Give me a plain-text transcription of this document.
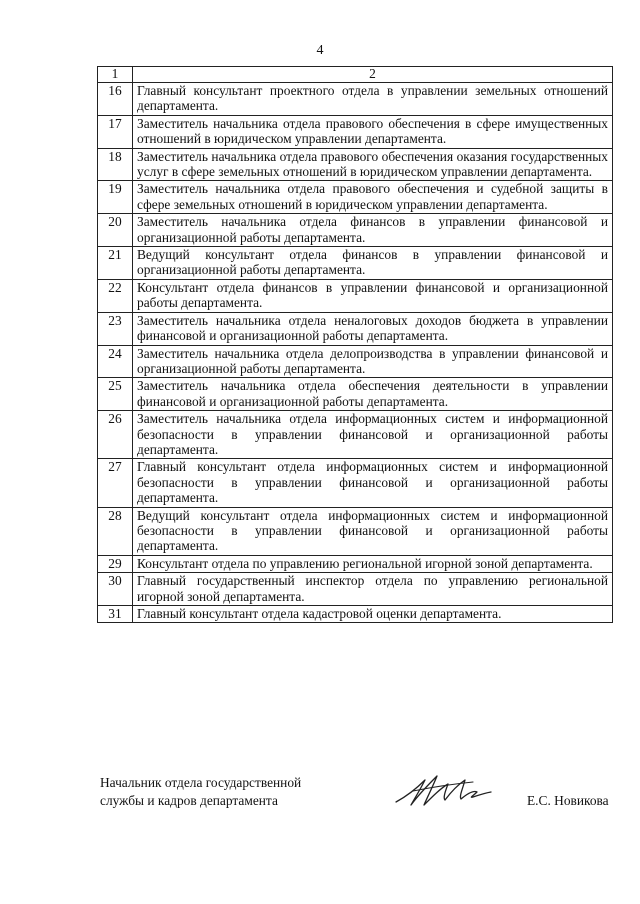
4
1	2
16	Главный консультант проектного отдела в управлении земельных отношений департамента.
17	Заместитель начальника отдела правового обеспечения в сфере имущественных отношений в юридическом управлении департамента.
18	Заместитель начальника отдела правового обеспечения оказания государственных услуг в сфере земельных отношений в юридическом управлении департамента.
19	Заместитель начальника отдела правового обеспечения и судебной защиты в сфере земельных отношений в юридическом управлении департамента.
20	Заместитель начальника отдела финансов в управлении финансовой и организационной работы департамента.
21	Ведущий консультант отдела финансов в управлении финансовой и организационной работы департамента.
22	Консультант отдела финансов в управлении финансовой и организационной работы департамента.
23	Заместитель начальника отдела неналоговых доходов бюджета в управлении финансовой и организационной работы департамента.
24	Заместитель начальника отдела делопроизводства в управлении финансовой и организационной работы департамента.
25	Заместитель начальника отдела обеспечения деятельности в управлении финансовой и организационной работы департамента.
26	Заместитель начальника отдела информационных систем и информационной безопасности в управлении финансовой и организационной работы департамента.
27	Главный консультант отдела информационных систем и информационной безопасности в управлении финансовой и организационной работы департамента.
28	Ведущий консультант отдела информационных систем и информационной безопасности в управлении финансовой и организационной работы департамента.
29	Консультант отдела по управлению региональной игорной зоной департамента.
30	Главный государственный инспектор отдела по управлению региональной игорной зоной департамента.
31	Главный консультант отдела кадастровой оценки департамента.
Начальник отдела государственной
службы и кадров департамента	Е.С. Новикова
